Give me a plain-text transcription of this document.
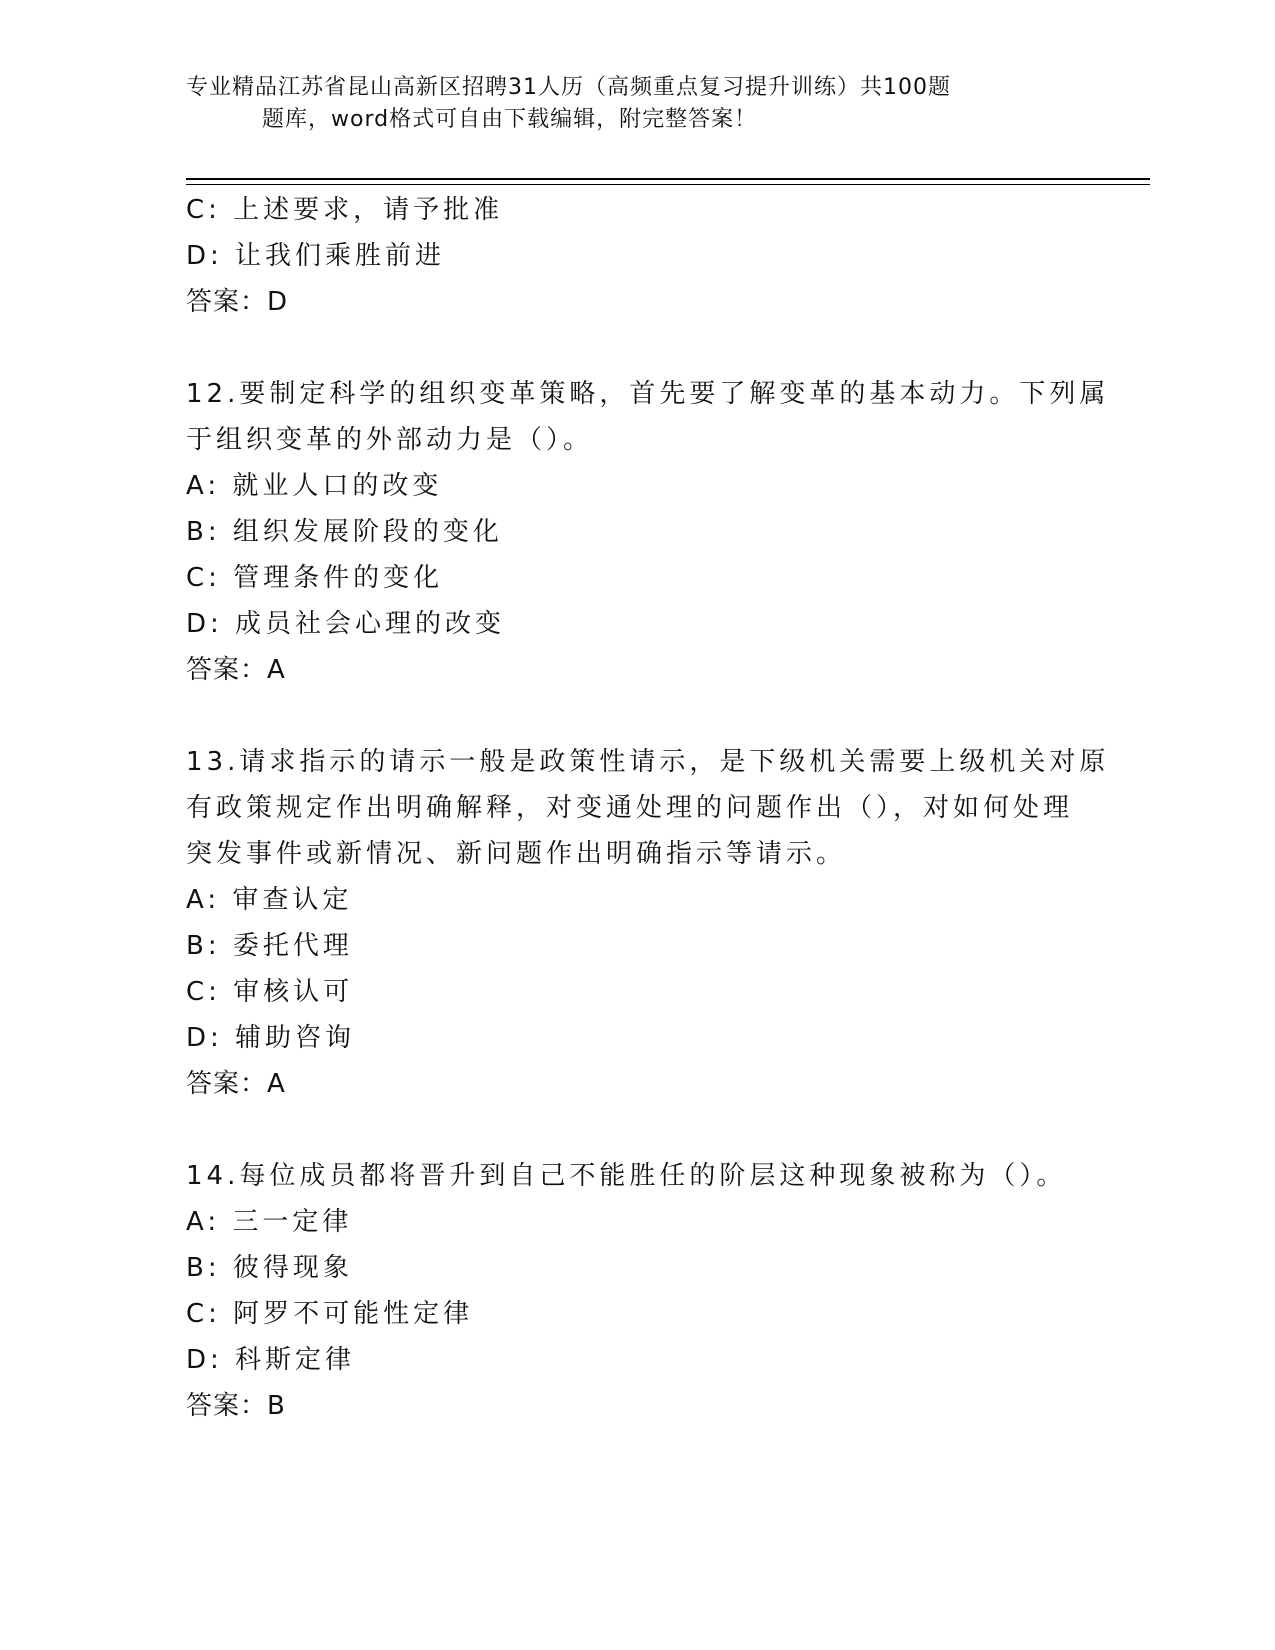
专业精品江苏省昆山高新区招聘31人历（高频重点复习提升训练）共100题
题库，word格式可自由下载编辑，附完整答案！
C: 上述要求，请予批准
D: 让我们乘胜前进
答案：D
12.要制定科学的组织变革策略，首先要了解变革的基本动力。下列属
于组织变革的外部动力是（）。
A: 就业人口的改变
B: 组织发展阶段的变化
C: 管理条件的变化
D: 成员社会心理的改变
答案：A
13.请求指示的请示一般是政策性请示，是下级机关需要上级机关对原
有政策规定作出明确解释，对变通处理的问题作出（），对如何处理
突发事件或新情况、新问题作出明确指示等请示。
A: 审查认定
B: 委托代理
C: 审核认可
D: 辅助咨询
答案：A
14.每位成员都将晋升到自己不能胜任的阶层这种现象被称为（）。
A: 三一定律
B: 彼得现象
C: 阿罗不可能性定律
D: 科斯定律
答案：B
